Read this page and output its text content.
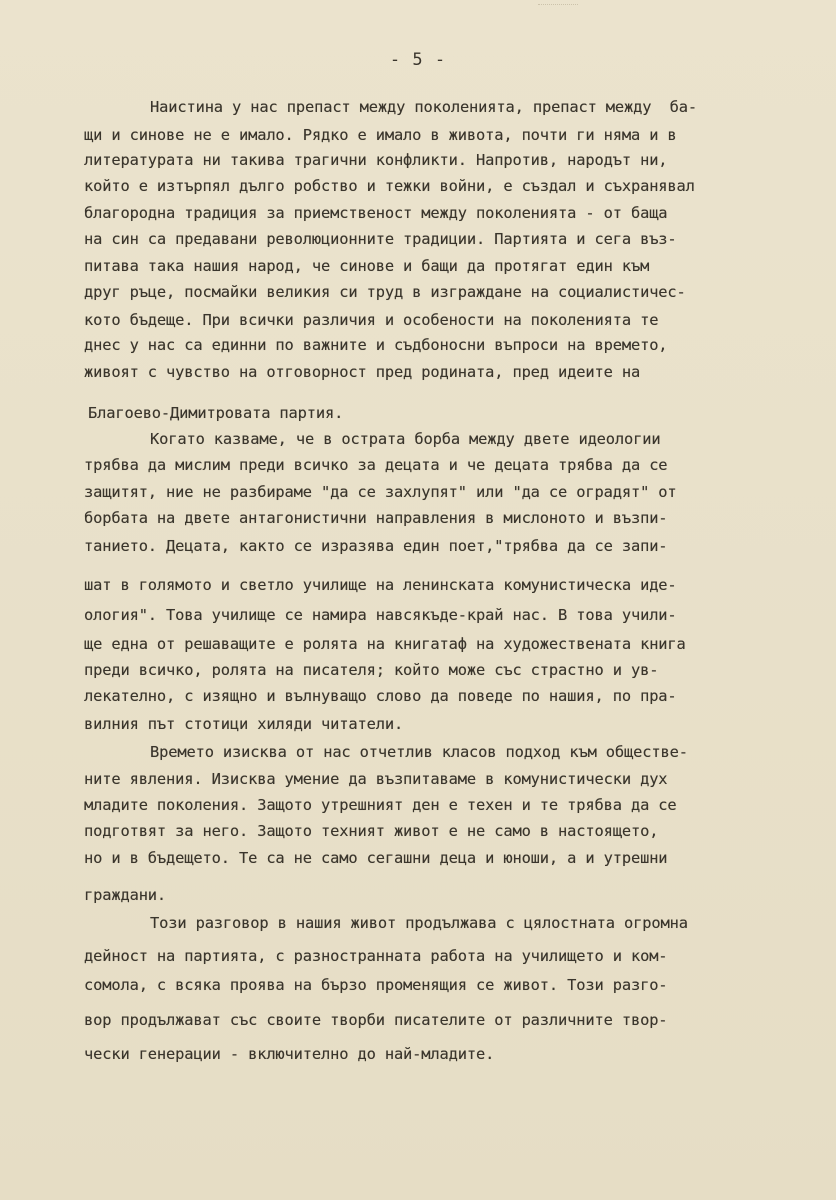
- 5 -
Наистина у нас препаст между поколенията, препаст между  бa-
щи и синове не е имало. Рядко е имало в живота, почти ги няма и в
литературата ни такива трагични конфликти. Напротив, народът ни,
който е изтърпял дълго робство и тежки войни, е създал и съхранявал
благородна традиция за приемственост между поколенията - от баща
на син са предавани революционните традиции. Партията и сега въз-
питава така нашия народ, че синове и бащи да протягат един към
друг ръце, посмайки великия си труд в изграждане на социалистичес-
кото бъдеще. При всички различия и особености на поколенията те
днес у нас са единни по важните и съдбоносни въпроси на времето,
живоят с чувство на отговорност пред родината, пред идеите на
Благоево-Димитровата партия.
Когато казваме, че в острата борба между двете идеологии
трябва да мислим преди всичко за децата и че децата трябва да се
защитят, ние не разбираме "да се захлупят" или "да се оградят" от
борбата на двете антагонистични направления в мислоното и възпи-
танието. Децата, както се изразява един поет,"трябва да се запи-
шат в голямото и светло училище на ленинската комунистическа иде-
ология". Това училище се намира навсякъде-край нас. В това учили-
ще една от решаващите е ролята на книгатаф на художествената книга
преди всичко, ролята на писателя; който може със страстно и ув-
лекателно, с изящно и вълнуващо слово да поведе по нашия, по пра-
вилния път стотици хиляди читатели.
Времето изисква от нас отчетлив класов подход към обществе-
ните явления. Изисква умение да възпитаваме в комунистически дух
младите поколения. Защото утрешният ден е техен и те трябва да се
подготвят за него. Защото техният живот е не само в настоящето,
но и в бъдещето. Те са не само сегашни деца и юноши, а и утрешни
граждани.
Този разговор в нашия живот продължава с цялостната огромна
дейност на партията, с разностранната работа на училището и ком-
сомола, с всяка проява на бързо променящия се живот. Този разго-
вор продължават със своите творби писателите от различните твор-
чески генерации - включително до най-младите.
